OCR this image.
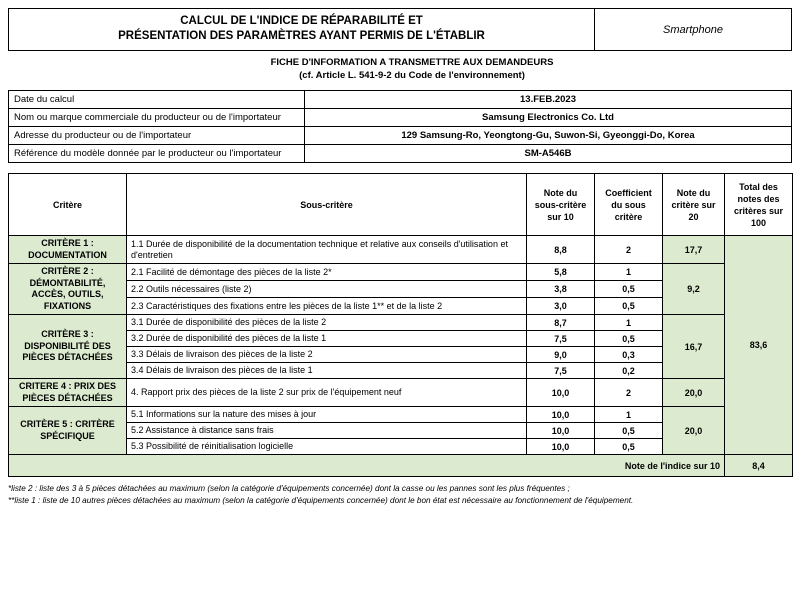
CALCUL DE L'INDICE DE RÉPARABILITÉ ET
PRÉSENTATION DES PARAMÈTRES AYANT PERMIS DE L'ÉTABLIR
Smartphone
FICHE D'INFORMATION A TRANSMETTRE AUX DEMANDEURS
(cf. Article L. 541-9-2 du Code de l'environnement)
Date du calcul	13.FEB.2023
Nom ou marque commerciale du producteur ou de l'importateur	Samsung Electronics Co. Ltd
Adresse du producteur ou de l'importateur	129 Samsung-Ro, Yeongtong-Gu, Suwon-Si, Gyeonggi-Do, Korea
Référence du modèle donnée par le producteur ou l'importateur	SM-A546B
Critère	Sous-critère	Note du sous-critère sur 10	Coefficient du sous critère	Note du critère sur 20	Total des notes des critères sur 100
CRITÈRE 1 : DOCUMENTATION	1.1 Durée de disponibilité de la documentation technique et relative aux conseils d'utilisation et d'entretien	8,8	2	17,7	83,6
CRITÈRE 2 : DÉMONTABILITÉ, ACCÈS, OUTILS, FIXATIONS	2.1 Facilité de démontage des pièces de la liste 2*	5,8	1	9,2	
	2.2 Outils nécessaires (liste 2)	3,8	0,5		
	2.3 Caractéristiques des fixations entre les pièces de la liste 1** et de la liste 2	3,0	0,5		
CRITÈRE 3 : DISPONIBILITÉ DES PIÈCES DÉTACHÉES	3.1 Durée de disponibilité des pièces de la liste 2	8,7	1	16,7	
	3.2 Durée de disponibilité des pièces de la liste 1	7,5	0,5		
	3.3 Délais de livraison des pièces de la liste 2	9,0	0,3		
	3.4 Délais de livraison des pièces de la liste 1	7,5	0,2		
CRITERE 4 : PRIX DES PIÈCES DÉTACHÉES	4. Rapport prix des pièces de la liste 2 sur prix de l'équipement neuf	10,0	2	20,0	
CRITÈRE 5 : CRITÈRE SPÉCIFIQUE	5.1 Informations sur la nature des mises à jour	10,0	1	20,0	
	5.2 Assistance à distance sans frais	10,0	0,5		
	5.3 Possibilité de réinitialisation logicielle	10,0	0,5		
Note de l'indice sur 10					8,4
*liste 2 : liste des 3 à 5 pièces détachées au maximum (selon la catégorie d'équipements concernée) dont la casse ou les pannes sont les plus fréquentes ;
**liste 1 : liste de 10 autres pièces détachées au maximum (selon la catégorie d'équipements concernée) dont le bon état est nécessaire au fonctionnement de l'équipement.
